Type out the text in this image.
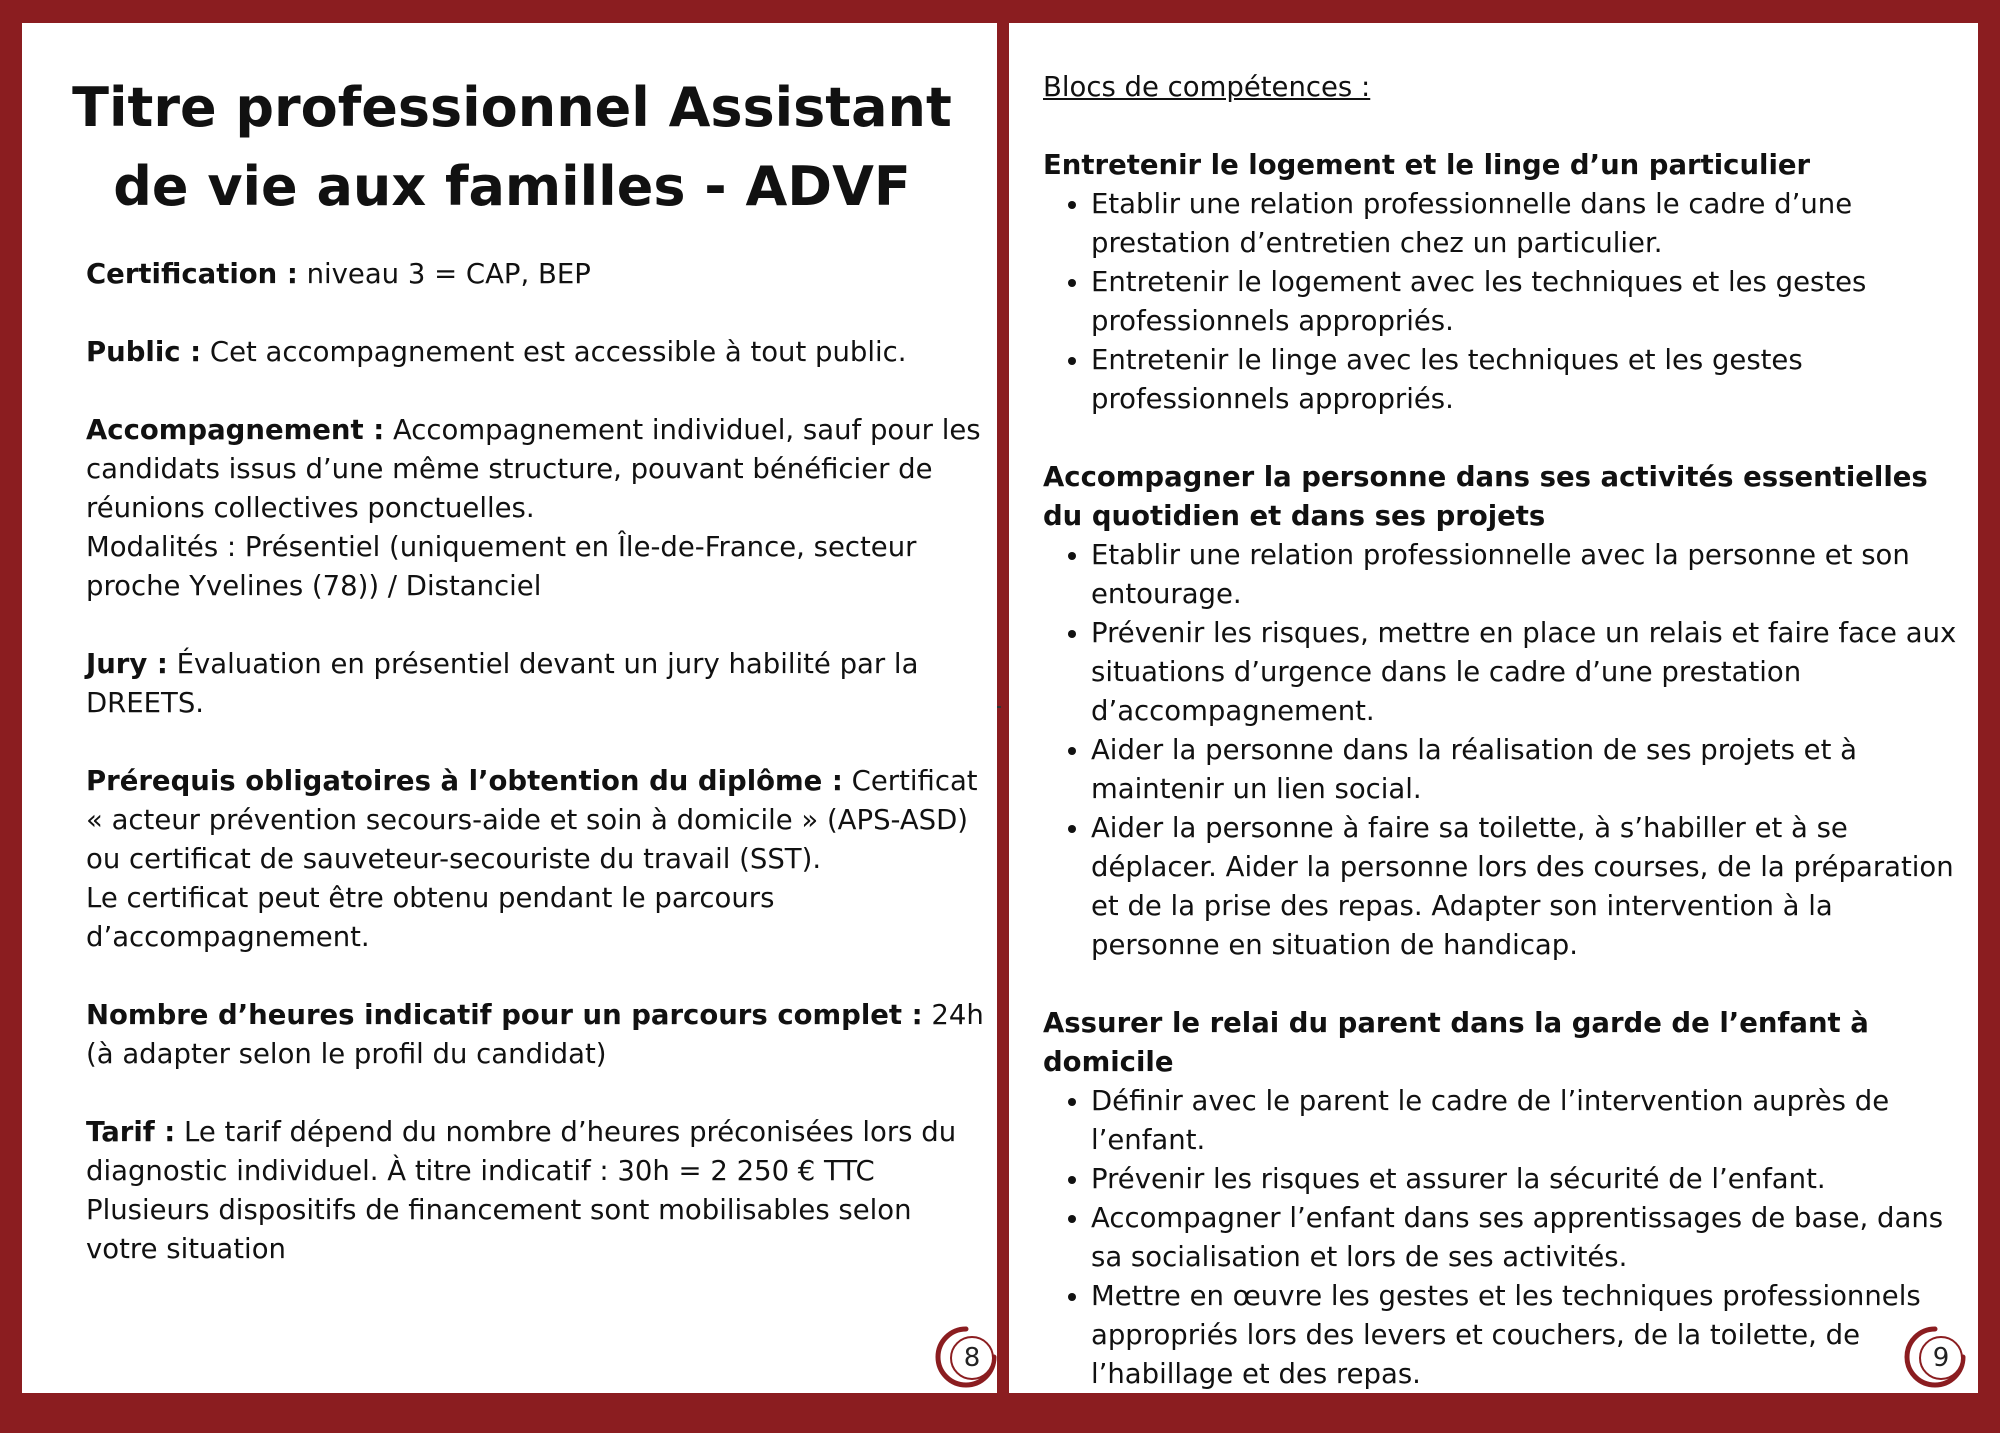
Titre professionnel Assistant de vie aux familles - ADVF

Certification : niveau 3 = CAP, BEP

Public : Cet accompagnement est accessible à tout public.

Accompagnement : Accompagnement individuel, sauf pour les candidats issus d’une même structure, pouvant bénéficier de réunions collectives ponctuelles.
Modalités : Présentiel (uniquement en Île-de-France, secteur proche Yvelines (78)) / Distanciel

Jury : Évaluation en présentiel devant un jury habilité par la DREETS.

Prérequis obligatoires à l’obtention du diplôme : Certificat « acteur prévention secours-aide et soin à domicile » (APS-ASD) ou certificat de sauveteur-secouriste du travail (SST).
Le certificat peut être obtenu pendant le parcours d’accompagnement.

Nombre d’heures indicatif pour un parcours complet : 24h (à adapter selon le profil du candidat)

Tarif : Le tarif dépend du nombre d’heures préconisées lors du diagnostic individuel. À titre indicatif : 30h = 2 250 € TTC
Plusieurs dispositifs de financement sont mobilisables selon votre situation

8

Blocs de compétences :

Entretenir le logement et le linge d’un particulier

• Etablir une relation professionnelle dans le cadre d’une prestation d’entretien chez un particulier.
• Entretenir le logement avec les techniques et les gestes professionnels appropriés.
• Entretenir le linge avec les techniques et les gestes professionnels appropriés.

Accompagner la personne dans ses activités essentielles du quotidien et dans ses projets

• Etablir une relation professionnelle avec la personne et son entourage.
• Prévenir les risques, mettre en place un relais et faire face aux situations d’urgence dans le cadre d’une prestation d’accompagnement.
• Aider la personne dans la réalisation de ses projets et à maintenir un lien social.
• Aider la personne à faire sa toilette, à s’habiller et à se déplacer. Aider la personne lors des courses, de la préparation et de la prise des repas. Adapter son intervention à la personne en situation de handicap.

Assurer le relai du parent dans la garde de l’enfant à domicile

• Définir avec le parent le cadre de l’intervention auprès de l’enfant.
• Prévenir les risques et assurer la sécurité de l’enfant.
• Accompagner l’enfant dans ses apprentissages de base, dans sa socialisation et lors de ses activités.
• Mettre en œuvre les gestes et les techniques professionnels appropriés lors des levers et couchers, de la toilette, de l’habillage et des repas.	9
